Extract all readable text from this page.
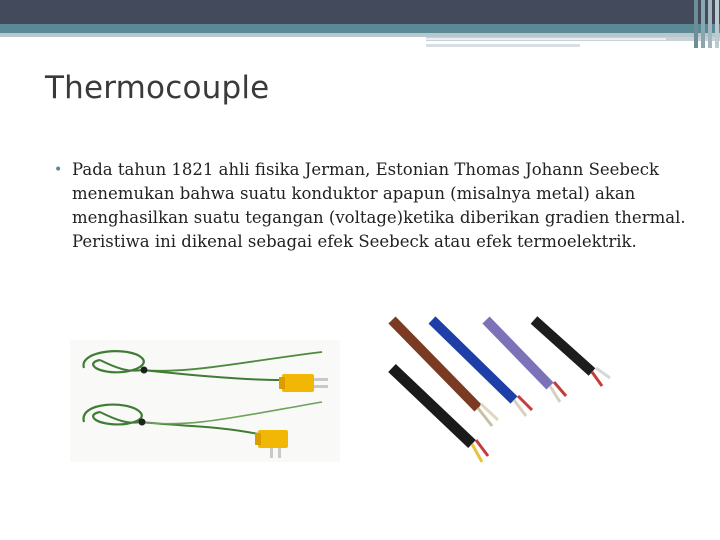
Thermocouple
• Pada tahun 1821 ahli fisika Jerman, Estonian Thomas Johann Seebeck menemukan bahwa suatu konduktor apapun (misalnya metal) akan menghasilkan suatu tegangan (voltage)ketika diberikan gradien thermal. Peristiwa ini dikenal sebagai efek Seebeck atau efek termoelektrik.
